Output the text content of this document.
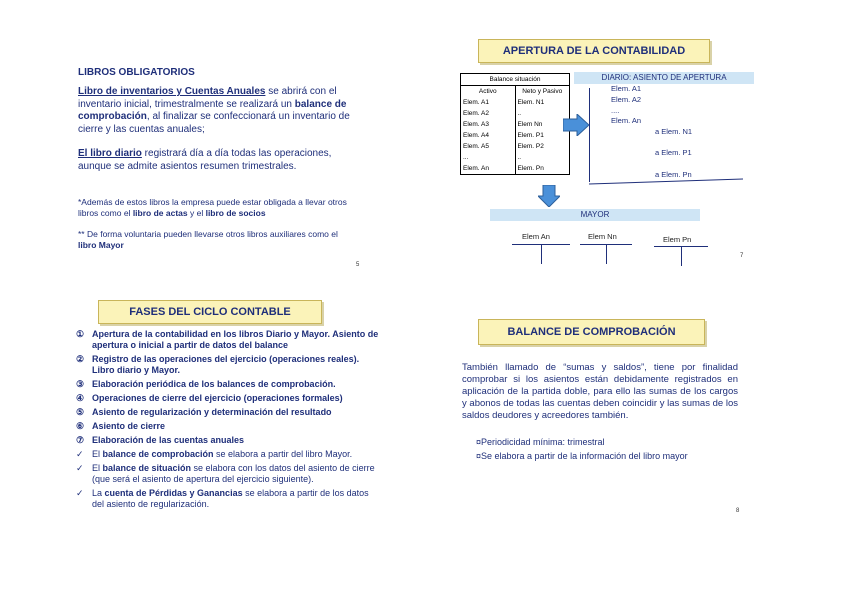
LIBROS OBLIGATORIOS
Libro de inventarios y Cuentas Anuales se abrirá con el inventario inicial, trimestralmente se realizará un balance de comprobación, al finalizar se confeccionará un inventario de cierre y las cuentas anuales;
El libro diario registrará día a día todas las operaciones, aunque se admite asientos resumen trimestrales.
*Además de estos libros la empresa puede estar obligada a llevar otros libros como el libro de actas y el libro de socios
** De forma voluntaria pueden llevarse otros libros auxiliares como el libro Mayor
5
APERTURA DE LA CONTABILIDAD
Balance situación	
Activo	Neto y Pasivo
Elem. A1	Elem. N1
Elem. A2	..
Elem. A3	Elem Nn
Elem. A4	Elem. P1
Elem. A5	Elem. P2
...	..
Elem. An	Elem. Pn
DIARIO: ASIENTO DE APERTURA
Elem. A1
Elem. A2
....
Elem. An
a Elem. N1
a Elem. P1
a Elem. Pn
MAYOR
Elem An	Elem Nn	Elem Pn
7
FASES DEL CICLO CONTABLE
① Apertura de la contabilidad en los libros Diario y Mayor. Asiento de apertura o inicial a partir de datos del balance
② Registro de las operaciones del ejercicio (operaciones reales). Libro diario y Mayor.
③ Elaboración periódica de los balances de comprobación.
④ Operaciones de cierre del ejercicio (operaciones formales)
⑤ Asiento de regularización y determinación del resultado
⑥ Asiento de cierre
⑦ Elaboración de las cuentas anuales
✓ El balance de comprobación se elabora a partir del libro Mayor.
✓ El balance de situación se elabora con los datos del asiento de cierre (que será el asiento de apertura del ejercicio siguiente).
✓ La cuenta de Pérdidas y Ganancias se elabora a partir de los datos del asiento de regularización.
BALANCE DE COMPROBACIÓN
También llamado de “sumas y saldos”, tiene por finalidad comprobar si los asientos están debidamente registrados en aplicación de la partida doble, para ello las sumas de los cargos y abonos de todas las cuentas deben coincidir y las sumas de los saldos deudores y acreedores también.
¤Periodicidad mínima: trimestral
¤Se elabora a partir de la información del libro mayor
8
